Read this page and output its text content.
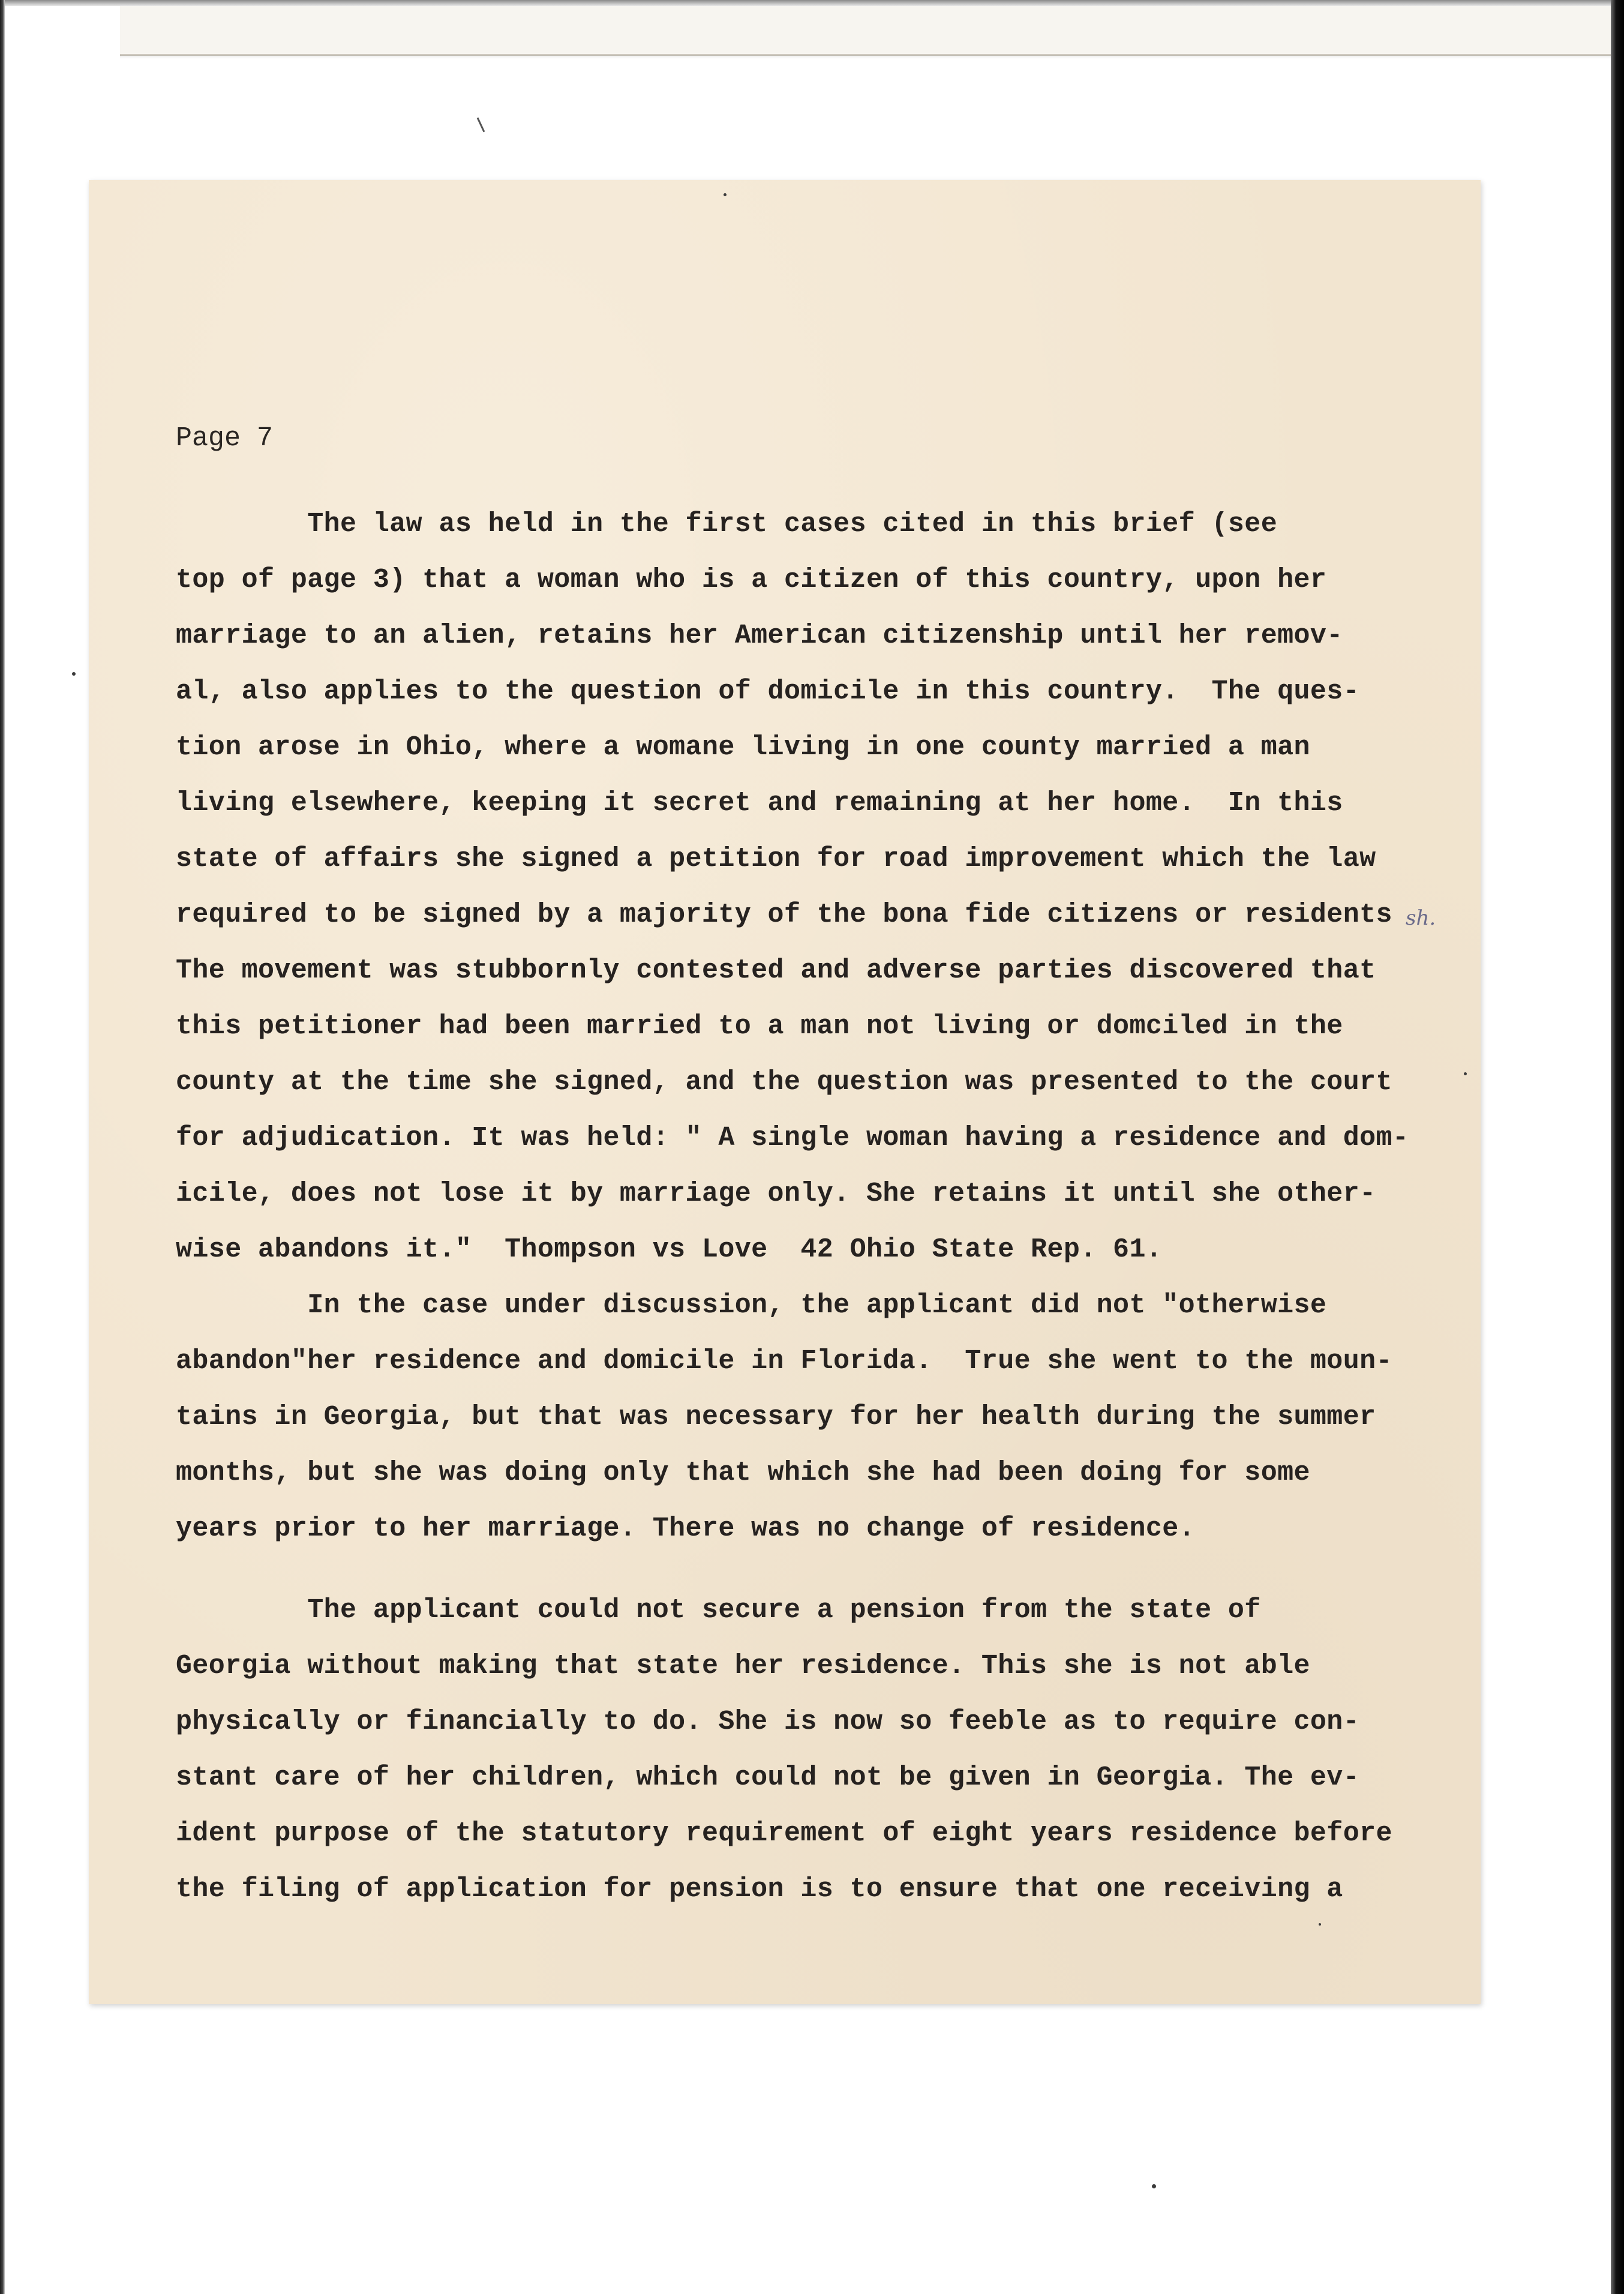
Page 7
The law as held in the first cases cited in this brief (see
top of page 3) that a woman who is a citizen of this country, upon her
marriage to an alien, retains her American citizenship until her remov-
al, also applies to the question of domicile in this country.  The ques-
tion arose in Ohio, where a womane living in one county married a man
living elsewhere, keeping it secret and remaining at her home.  In this
state of affairs she signed a petition for road improvement which the law
required to be signed by a majority of the bona fide citizens or residents sh.
The movement was stubbornly contested and adverse parties discovered that
this petitioner had been married to a man not living or domciled in the
county at the time she signed, and the question was presented to the court
for adjudication. It was held: " A single woman having a residence and dom-
icile, does not lose it by marriage only. She retains it until she other-
wise abandons it."  Thompson vs Love  42 Ohio State Rep. 61.
In the case under discussion, the applicant did not "otherwise
abandon"her residence and domicile in Florida.  True she went to the moun-
tains in Georgia, but that was necessary for her health during the summer
months, but she was doing only that which she had been doing for some
years prior to her marriage. There was no change of residence.
The applicant could not secure a pension from the state of
Georgia without making that state her residence. This she is not able
physically or financially to do. She is now so feeble as to require con-
stant care of her children, which could not be given in Georgia. The ev-
ident purpose of the statutory requirement of eight years residence before
the filing of application for pension is to ensure that one receiving a
